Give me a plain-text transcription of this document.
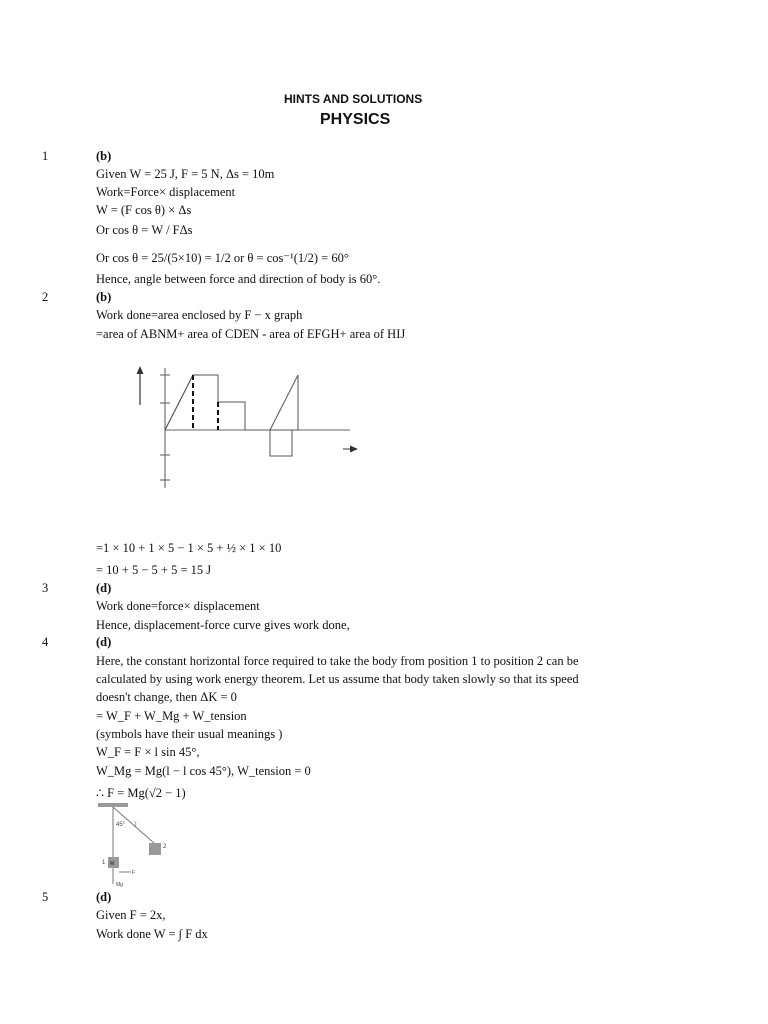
HINTS AND SOLUTIONS
PHYSICS
1	(b)
Given W = 25 J, F = 5 N, Δs = 10m
Work=Force× displacement
W = (F cos θ) × Δs
Or cos θ = W / FΔs
Or cos θ = 25/(5×10) = 1/2 or θ = cos⁻¹(1/2) = 60°
Hence, angle between force and direction of body is 60°.
2	(b)
Work done=area enclosed by F − x graph
=area of ABNM+ area of CDEN - area of EFGH+ area of HIJ
=1 × 10 + 1 × 5 − 1 × 5 + ½ × 1 × 10
= 10 + 5 − 5 + 5 = 15 J
3	(d)
Work done=force× displacement
Hence, displacement-force curve gives work done,
4	(d)
Here, the constant horizontal force required to take the body from position 1 to position 2 can be
calculated by using work energy theorem. Let us assume that body taken slowly so that its speed
doesn't change, then ΔK = 0
= W_F + W_Mg + W_tension
(symbols have their usual meanings )
W_F = F × l sin 45°,
W_Mg = Mg(l − l cos 45°), W_tension = 0
∴ F = Mg(√2 − 1)
45° l
1
2
M
F
Mg
5	(d)
Given F = 2x,
Work done W = ∫ F dx
